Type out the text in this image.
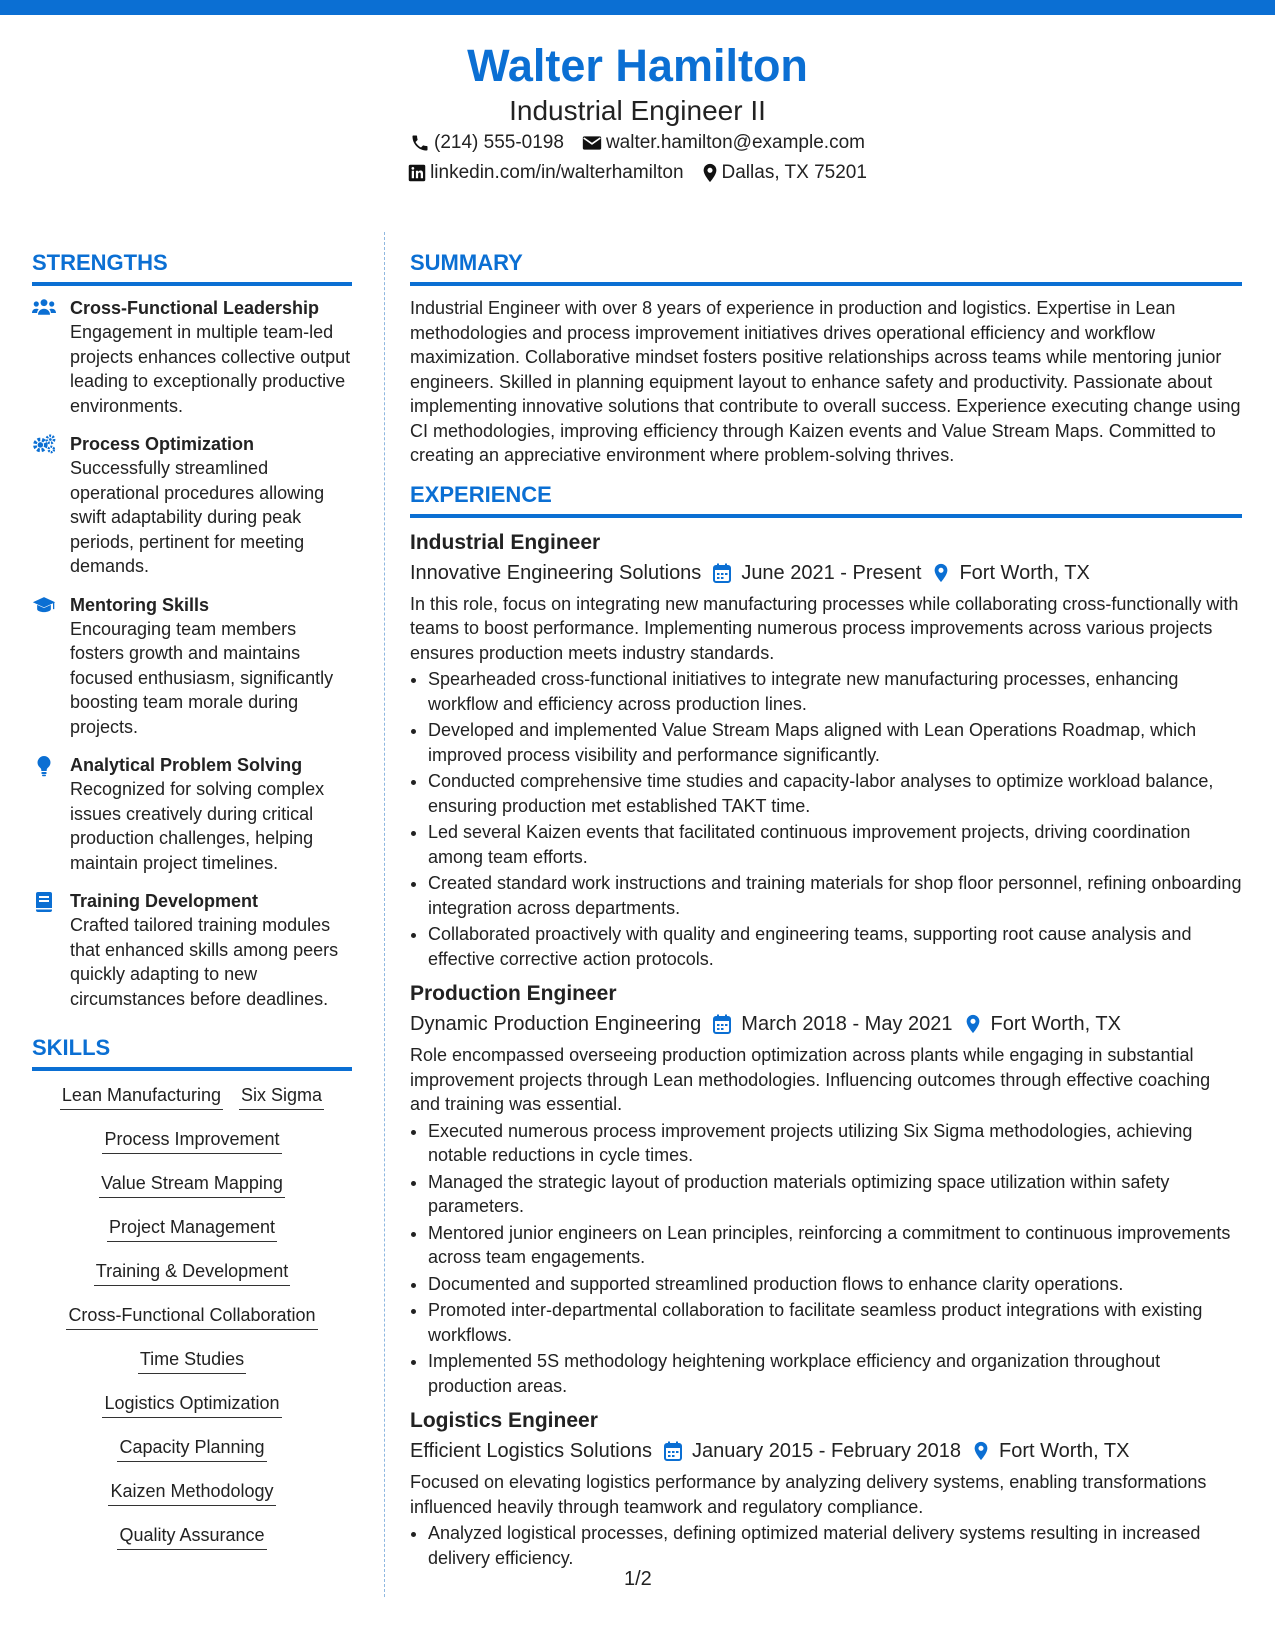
Walter Hamilton
Industrial Engineer II
(214) 555-0198 walter.hamilton@example.com
linkedin.com/in/walterhamilton Dallas, TX 75201
STRENGTHS
Cross-Functional Leadership
Engagement in multiple team-led projects enhances collective output leading to exceptionally productive environments.
Process Optimization
Successfully streamlined operational procedures allowing swift adaptability during peak periods, pertinent for meeting demands.
Mentoring Skills
Encouraging team members fosters growth and maintains focused enthusiasm, significantly boosting team morale during projects.
Analytical Problem Solving
Recognized for solving complex issues creatively during critical production challenges, helping maintain project timelines.
Training Development
Crafted tailored training modules that enhanced skills among peers quickly adapting to new circumstances before deadlines.
SKILLS
Lean Manufacturing Six Sigma
Process Improvement
Value Stream Mapping
Project Management
Training & Development
Cross-Functional Collaboration
Time Studies
Logistics Optimization
Capacity Planning
Kaizen Methodology
Quality Assurance
SUMMARY

Industrial Engineer with over 8 years of experience in production and logistics. Expertise in Lean methodologies and process improvement initiatives drives operational efficiency and workflow maximization. Collaborative mindset fosters positive relationships across teams while mentoring junior engineers. Skilled in planning equipment layout to enhance safety and productivity. Passionate about implementing innovative solutions that contribute to overall success. Experience executing change using CI methodologies, improving efficiency through Kaizen events and Value Stream Maps. Committed to creating an appreciative environment where problem-solving thrives.

EXPERIENCE
Industrial Engineer
Innovative Engineering Solutions June 2021 - Present Fort Worth, TX
In this role, focus on integrating new manufacturing processes while collaborating cross-functionally with teams to boost performance. Implementing numerous process improvements across various projects ensures production meets industry standards.
• Spearheaded cross-functional initiatives to integrate new manufacturing processes, enhancing workflow and efficiency across production lines.
• Developed and implemented Value Stream Maps aligned with Lean Operations Roadmap, which improved process visibility and performance significantly.
• Conducted comprehensive time studies and capacity-labor analyses to optimize workload balance, ensuring production met established TAKT time.
• Led several Kaizen events that facilitated continuous improvement projects, driving coordination among team efforts.
• Created standard work instructions and training materials for shop floor personnel, refining onboarding integration across departments.
• Collaborated proactively with quality and engineering teams, supporting root cause analysis and effective corrective action protocols.
Production Engineer
Dynamic Production Engineering March 2018 - May 2021 Fort Worth, TX
Role encompassed overseeing production optimization across plants while engaging in substantial improvement projects through Lean methodologies. Influencing outcomes through effective coaching and training was essential.
• Executed numerous process improvement projects utilizing Six Sigma methodologies, achieving notable reductions in cycle times.
• Managed the strategic layout of production materials optimizing space utilization within safety parameters.
• Mentored junior engineers on Lean principles, reinforcing a commitment to continuous improvements across team engagements.
• Documented and supported streamlined production flows to enhance clarity operations.
• Promoted inter-departmental collaboration to facilitate seamless product integrations with existing workflows.
• Implemented 5S methodology heightening workplace efficiency and organization throughout production areas.
Logistics Engineer
Efficient Logistics Solutions January 2015 - February 2018 Fort Worth, TX
Focused on elevating logistics performance by analyzing delivery systems, enabling transformations influenced heavily through teamwork and regulatory compliance.
• Analyzed logistical processes, defining optimized material delivery systems resulting in increased delivery efficiency.
1/2
